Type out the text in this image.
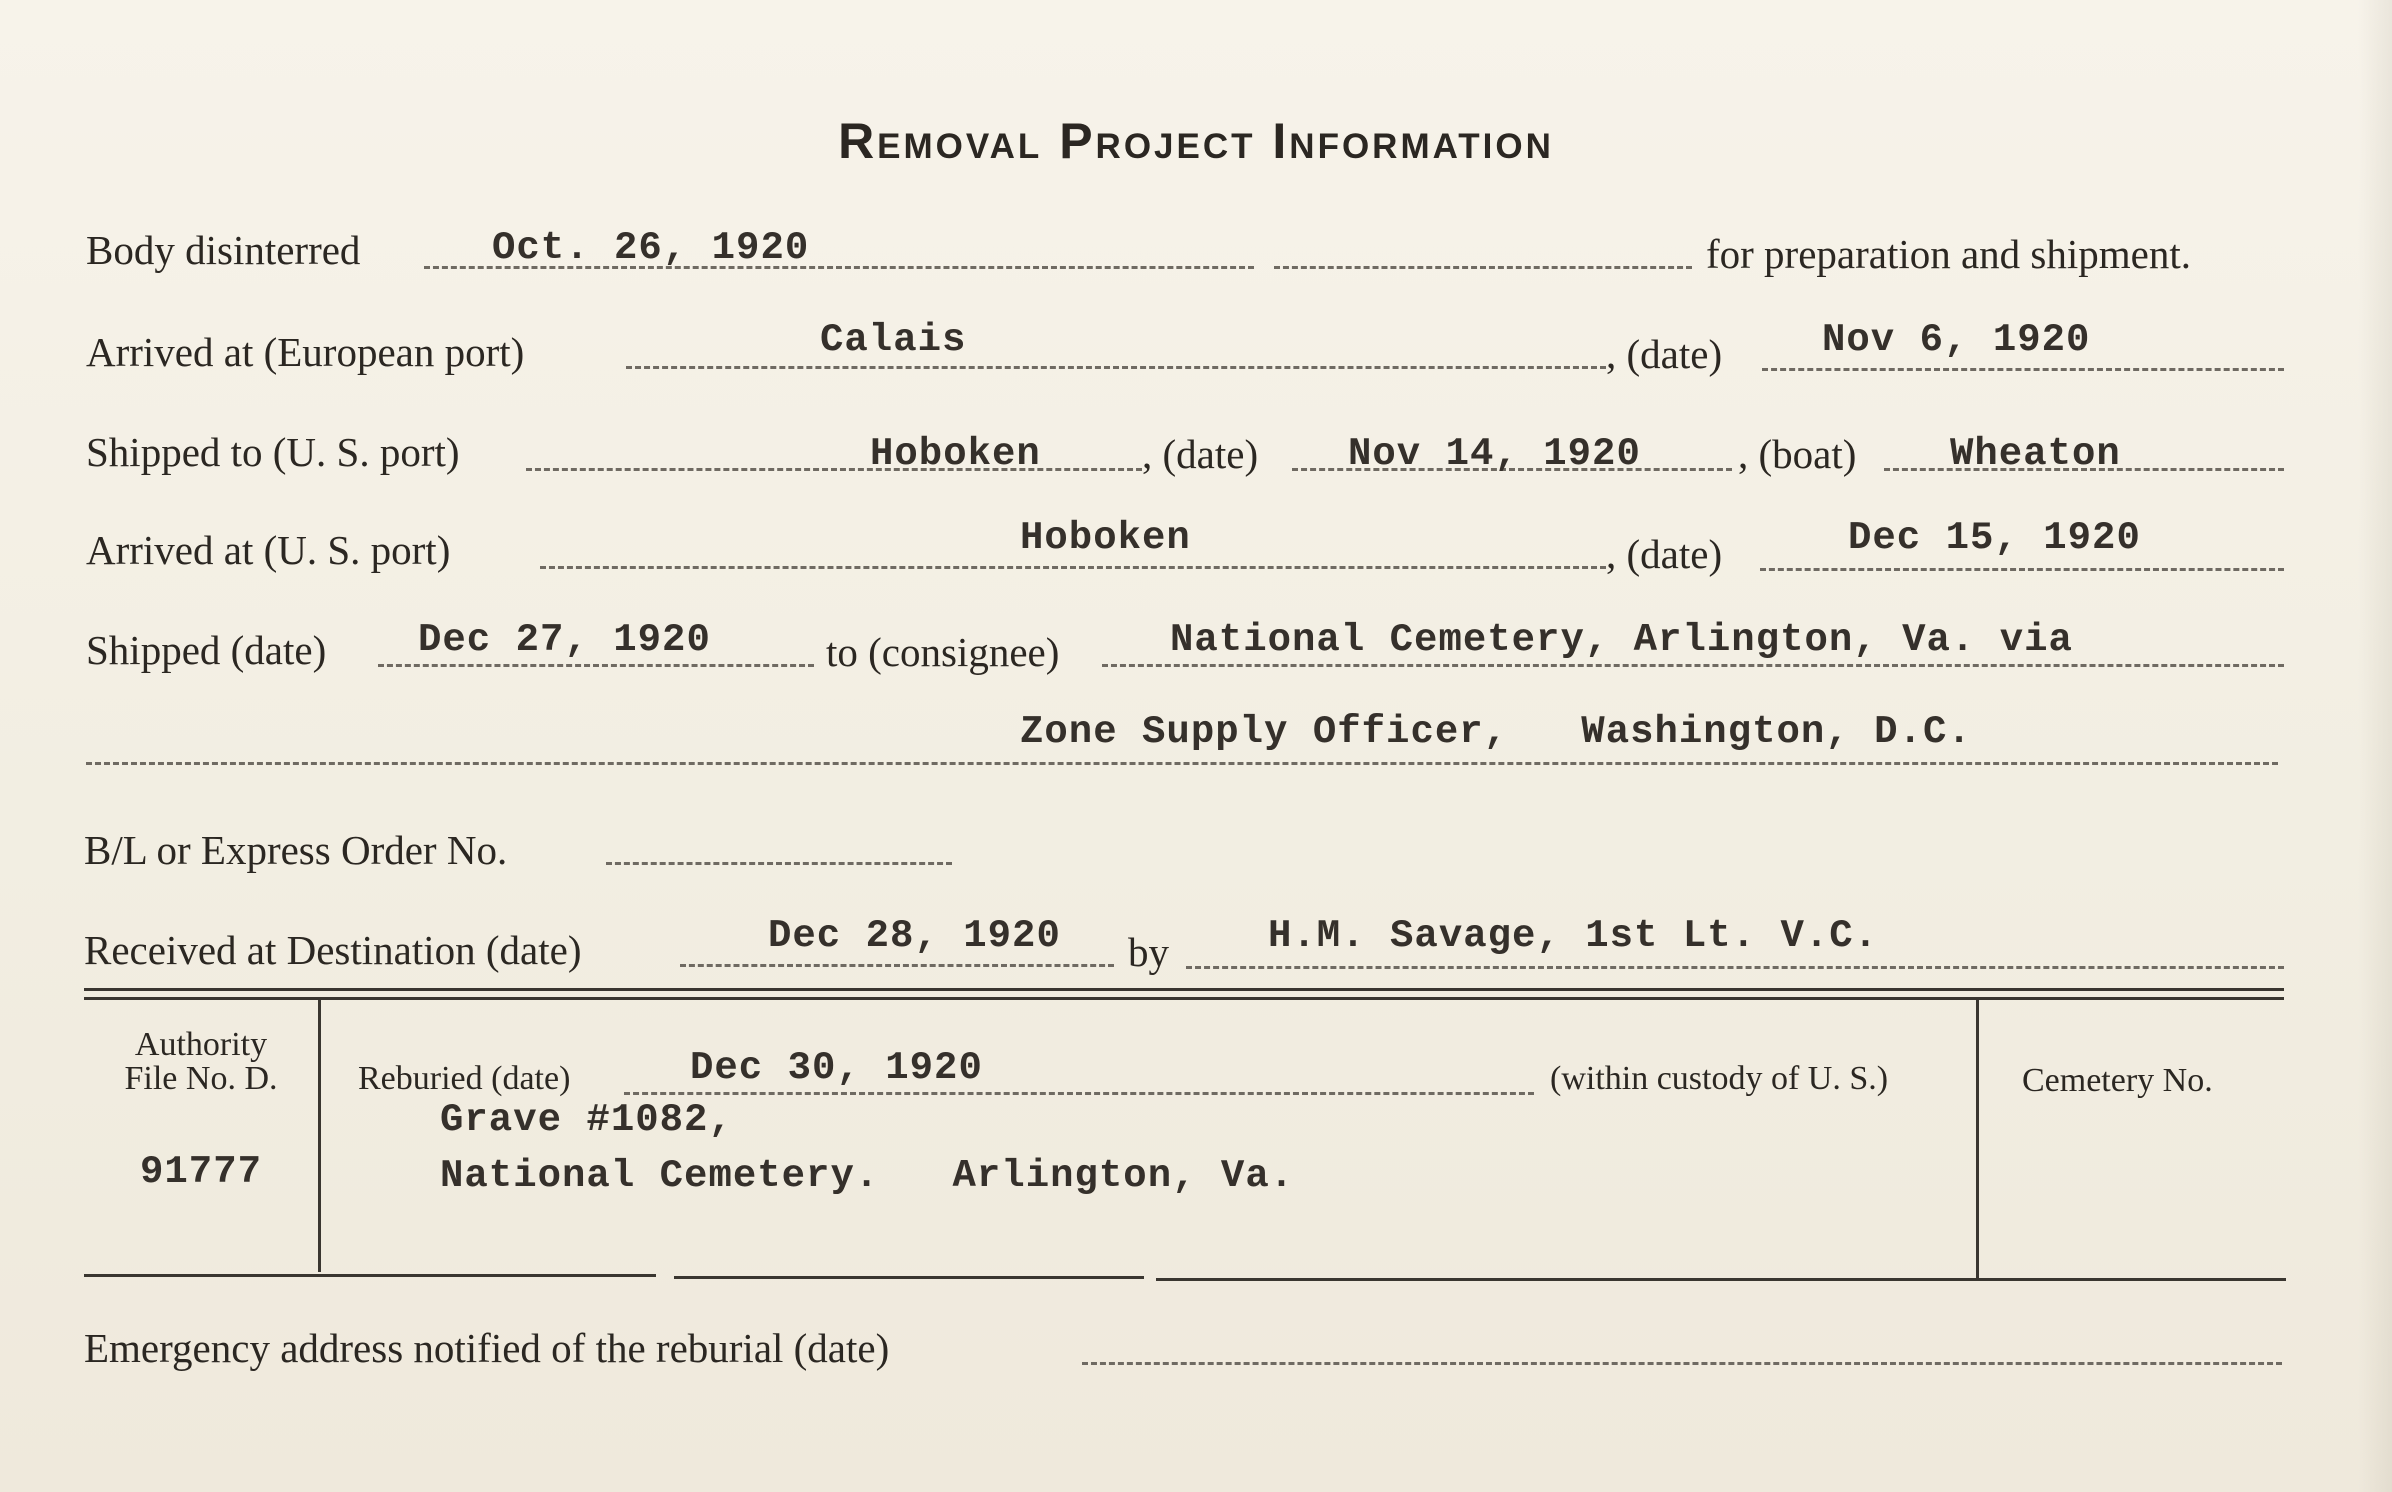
Removal Project Information
Body disinterred	Oct. 26, 1920	for preparation and shipment.
Arrived at (European port)	Calais	, (date)	Nov 6, 1920
Shipped to (U. S. port)	Hoboken , (date) Nov 14, 1920 , (boat) Wheaton
Arrived at (U. S. port)	Hoboken	, (date)	Dec 15, 1920
Shipped (date) Dec 27, 1920	to (consignee)	National Cemetery, Arlington, Va. via
Zone Supply Officer,   Washington, D.C.
B/L or Express Order No.
Received at Destination (date)	Dec 28, 1920 by	H.M. Savage, 1st Lt. V.C.
Authority
File No. D.
91777
Reburied (date)	Dec 30, 1920	(within custody of U. S.)
Grave #1082,
National Cemetery.   Arlington, Va.
Cemetery No.
Emergency address notified of the reburial (date)
